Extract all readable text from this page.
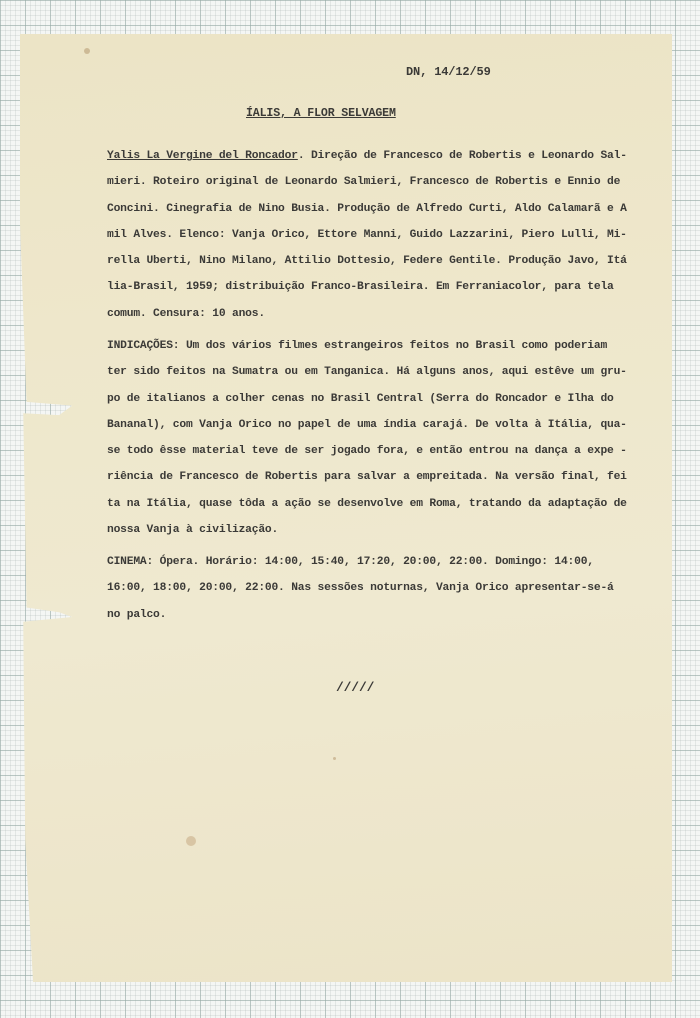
DN, 14/12/59
ÍALIS, A FLOR SELVAGEM
Yalis La Vergine del Roncador. Direção de Francesco de Robertis e Leonardo Sal-
mieri. Roteiro original de Leonardo Salmieri, Francesco de Robertis e Ennio de
Concini. Cinegrafia de Nino Busia. Produção de Alfredo Curti, Aldo Calamarã e A
mil Alves. Elenco: Vanja Orico, Ettore Manni, Guido Lazzarini, Piero Lulli, Mi-
rella Uberti, Nino Milano, Attilio Dottesio, Federe Gentile. Produção Javo, Itá
lia-Brasil, 1959; distribuição Franco-Brasileira. Em Ferraniacolor, para tela
comum. Censura: 10 anos.
INDICAÇÕES: Um dos vários filmes estrangeiros feitos no Brasil como poderiam
ter sido feitos na Sumatra ou em Tanganica. Há alguns anos, aqui estêve um gru-
po de italianos a colher cenas no Brasil Central (Serra do Roncador e Ilha do
Bananal), com Vanja Orico no papel de uma índia carajá. De volta à Itália, qua-
se todo êsse material teve de ser jogado fora, e então entrou na dança a expe -
riência de Francesco de Robertis para salvar a empreitada. Na versão final, fei
ta na Itália, quase tôda a ação se desenvolve em Roma, tratando da adaptação de
nossa Vanja à civilização.
CINEMA: Ópera. Horário: 14:00, 15:40, 17:20, 20:00, 22:00. Domingo: 14:00,
16:00, 18:00, 20:00, 22:00. Nas sessões noturnas, Vanja Orico apresentar-se-á
no palco.
/////
